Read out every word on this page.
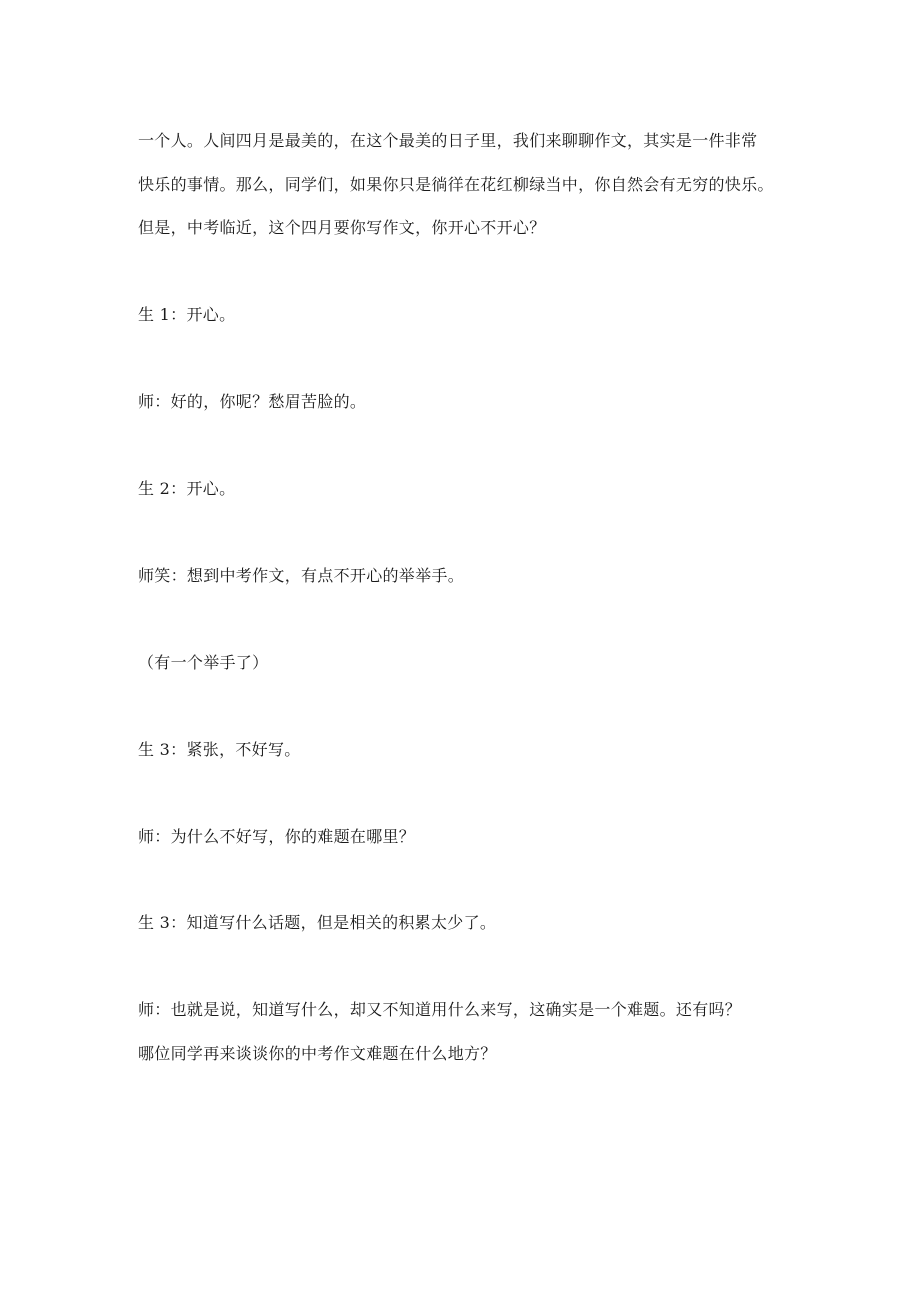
一个人。人间四月是最美的，在这个最美的日子里，我们来聊聊作文，其实是一件非常
快乐的事情。那么，同学们，如果你只是徜徉在花红柳绿当中，你自然会有无穷的快乐。
但是，中考临近，这个四月要你写作文，你开心不开心？
生 1：开心。
师：好的，你呢？愁眉苦脸的。
生 2：开心。
师笑：想到中考作文，有点不开心的举举手。
（有一个举手了）
生 3：紧张，不好写。
师：为什么不好写，你的难题在哪里？
生 3：知道写什么话题，但是相关的积累太少了。
师：也就是说，知道写什么，却又不知道用什么来写，这确实是一个难题。还有吗？
哪位同学再来谈谈你的中考作文难题在什么地方？
